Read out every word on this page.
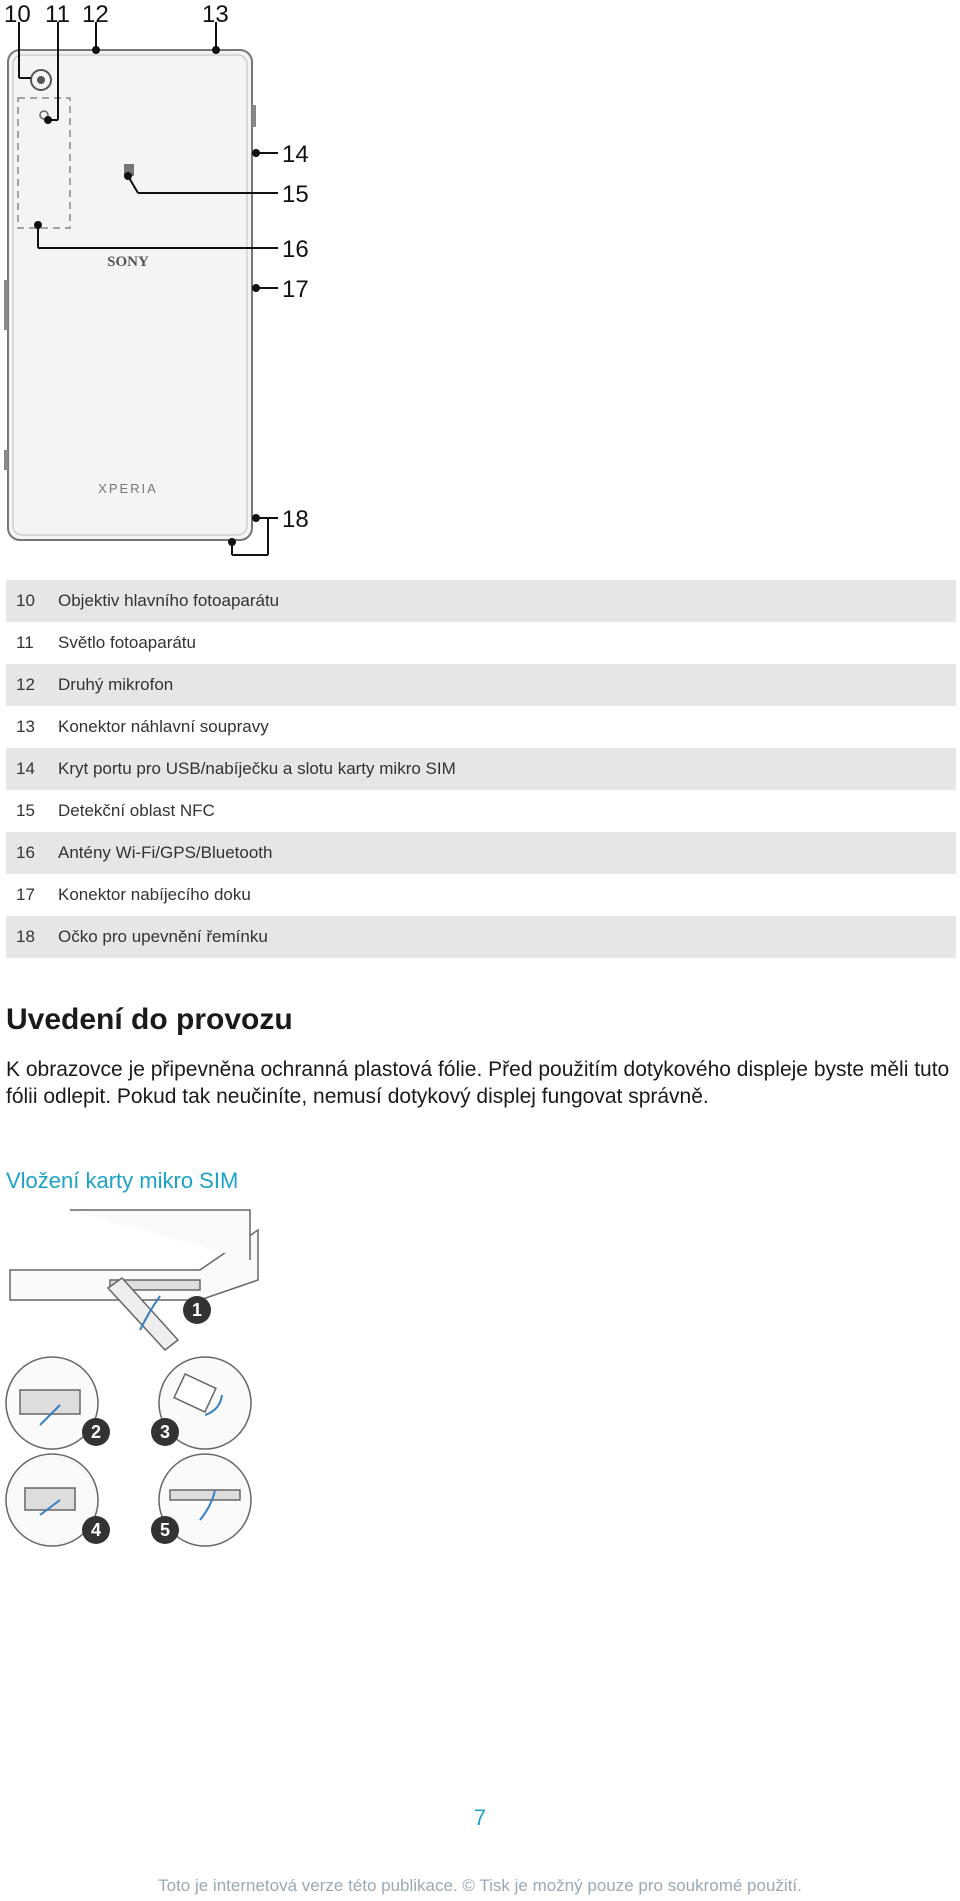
SONY
XPERIA
10 11 12	13
14
15
16
17
18
10	Objektiv hlavního fotoaparátu
11	Světlo fotoaparátu
12	Druhý mikrofon
13	Konektor náhlavní soupravy
14	Kryt portu pro USB/nabíječku a slotu karty mikro SIM
15	Detekční oblast NFC
16	Antény Wi-Fi/GPS/Bluetooth
17	Konektor nabíjecího doku
18	Očko pro upevnění řemínku
Uvedení do provozu
K obrazovce je připevněna ochranná plastová fólie. Před použitím dotykového displeje byste měli tuto fólii odlepit. Pokud tak neučiníte, nemusí dotykový displej fungovat správně.
Vložení karty mikro SIM
1
2	3
4	5
7
Toto je internetová verze této publikace. © Tisk je možný pouze pro soukromé použití.
